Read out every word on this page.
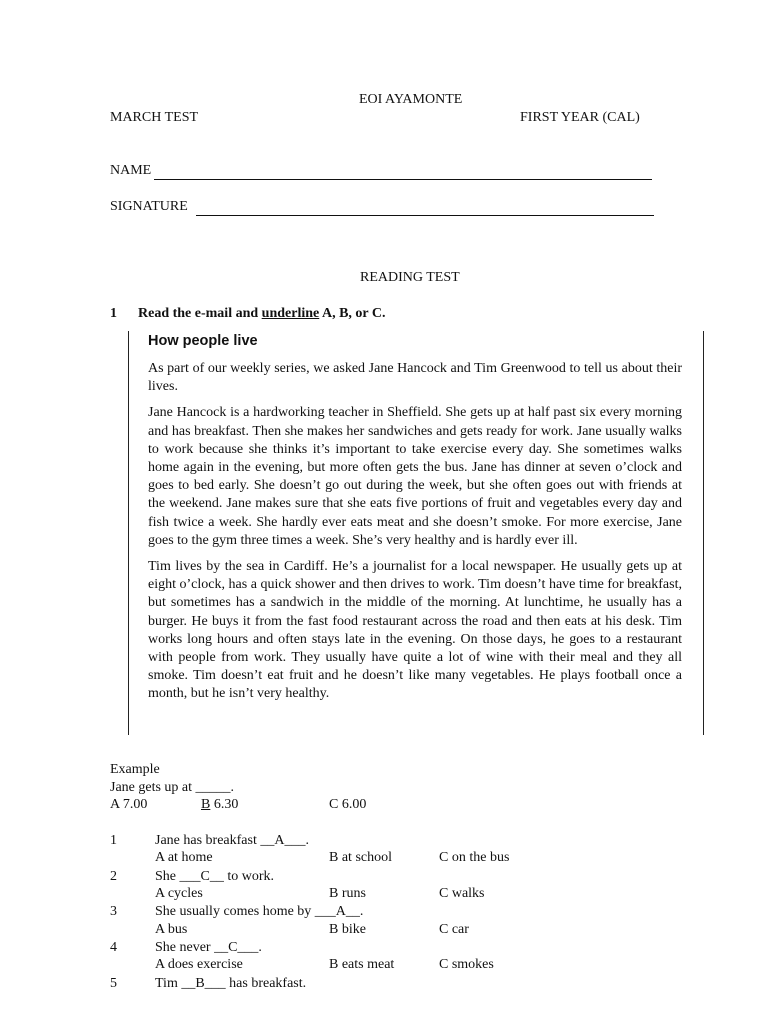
EOI AYAMONTE
MARCH TEST	FIRST YEAR (CAL)
NAME
SIGNATURE
READING TEST
1 Read the e-mail and underline A, B, or C.
How people live

As part of our weekly series, we asked Jane Hancock and Tim Greenwood to tell us about their lives.

Jane Hancock is a hardworking teacher in Sheffield. She gets up at half past six every morning and has breakfast. Then she makes her sandwiches and gets ready for work. Jane usually walks to work because she thinks it’s important to take exercise every day. She sometimes walks home again in the evening, but more often gets the bus. Jane has dinner at seven o’clock and goes to bed early. She doesn’t go out during the week, but she often goes out with friends at the weekend. Jane makes sure that she eats five portions of fruit and vegetables every day and fish twice a week. She hardly ever eats meat and she doesn’t smoke. For more exercise, Jane goes to the gym three times a week. She’s very healthy and is hardly ever ill.

Tim lives by the sea in Cardiff. He’s a journalist for a local newspaper. He usually gets up at eight o’clock, has a quick shower and then drives to work. Tim doesn’t have time for breakfast, but sometimes has a sandwich in the middle of the morning. At lunchtime, he usually has a burger. He buys it from the fast food restaurant across the road and then eats at his desk. Tim works long hours and often stays late in the evening. On those days, he goes to a restaurant with people from work. They usually have quite a lot of wine with their meal and they all smoke. Tim doesn’t eat fruit and he doesn’t like many vegetables. He plays football once a month, but he isn’t very healthy.

Example
Jane gets up at _____.
A 7.00	B 6.30	C 6.00
1	Jane has breakfast __A___.
A at home	B at school	C on the bus
2	She ___C__ to work.
A cycles	B runs	C walks
3	She usually comes home by ___A__.
A bus	B bike	C car
4	She never __C___.
A does exercise	B eats meat	C smokes
5	Tim __B___ has breakfast.
